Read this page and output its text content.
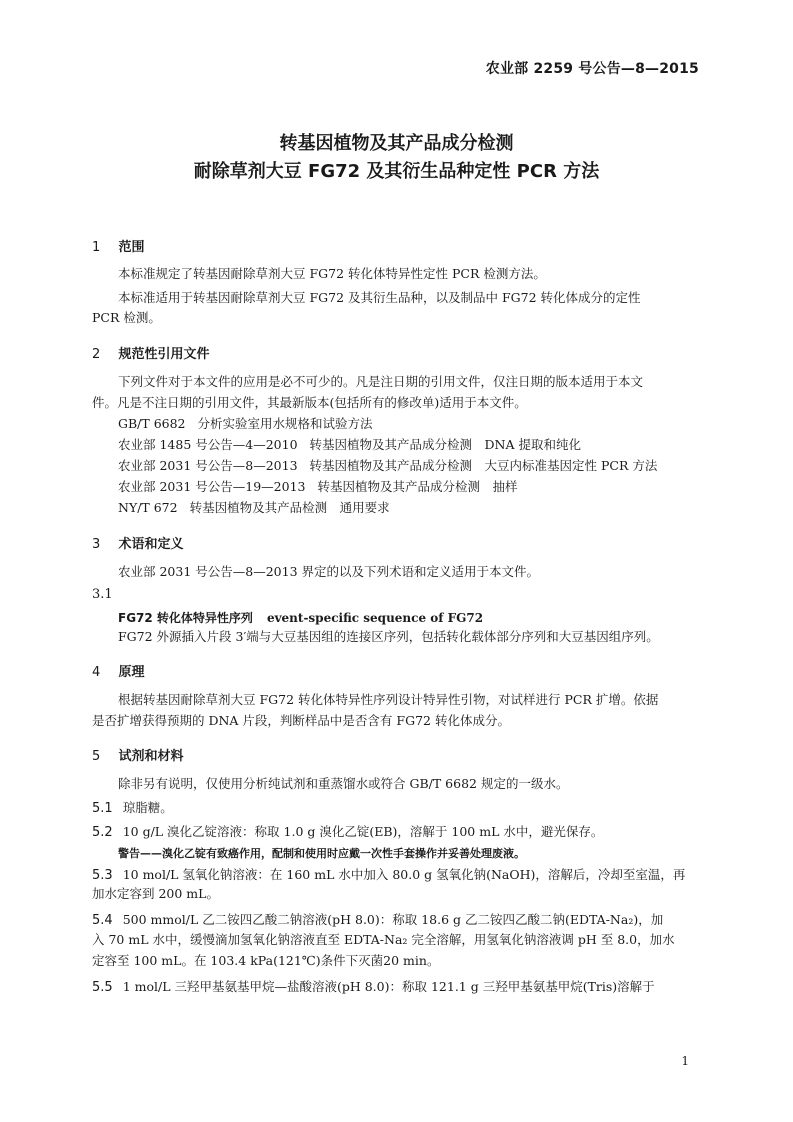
农业部 2259 号公告—8—2015
转基因植物及其产品成分检测
耐除草剂大豆 FG72 及其衍生品种定性 PCR 方法
1 范围
本标准规定了转基因耐除草剂大豆 FG72 转化体特异性定性 PCR 检测方法。
本标准适用于转基因耐除草剂大豆 FG72 及其衍生品种，以及制品中 FG72 转化体成分的定性
PCR 检测。
2 规范性引用文件
下列文件对于本文件的应用是必不可少的。凡是注日期的引用文件，仅注日期的版本适用于本文
件。凡是不注日期的引用文件，其最新版本(包括所有的修改单)适用于本文件。
GB/T 6682 分析实验室用水规格和试验方法
农业部 1485 号公告—4—2010 转基因植物及其产品成分检测　DNA 提取和纯化
农业部 2031 号公告—8—2013 转基因植物及其产品成分检测　大豆内标准基因定性 PCR 方法
农业部 2031 号公告—19—2013 转基因植物及其产品成分检测　抽样
NY/T 672 转基因植物及其产品检测　通用要求
3 术语和定义
农业部 2031 号公告—8—2013 界定的以及下列术语和定义适用于本文件。
3.1
FG72 转化体特异性序列 event-specific sequence of FG72
FG72 外源插入片段 3′端与大豆基因组的连接区序列，包括转化载体部分序列和大豆基因组序列。
4 原理
根据转基因耐除草剂大豆 FG72 转化体特异性序列设计特异性引物，对试样进行 PCR 扩增。依据
是否扩增获得预期的 DNA 片段，判断样品中是否含有 FG72 转化体成分。
5 试剂和材料
除非另有说明，仅使用分析纯试剂和重蒸馏水或符合 GB/T 6682 规定的一级水。
5.1 琼脂糖。
5.2 10 g/L 溴化乙锭溶液：称取 1.0 g 溴化乙锭(EB)，溶解于 100 mL 水中，避光保存。
警告——溴化乙锭有致癌作用，配制和使用时应戴一次性手套操作并妥善处理废液。
5.3 10 mol/L 氢氧化钠溶液：在 160 mL 水中加入 80.0 g 氢氧化钠(NaOH)，溶解后，冷却至室温，再
加水定容到 200 mL。
5.4 500 mmol/L 乙二铵四乙酸二钠溶液(pH 8.0)：称取 18.6 g 乙二铵四乙酸二钠(EDTA-Na₂)，加
入 70 mL 水中，缓慢滴加氢氧化钠溶液直至 EDTA-Na₂ 完全溶解，用氢氧化钠溶液调 pH 至 8.0，加水
定容至 100 mL。在 103.4 kPa(121℃)条件下灭菌20 min。
5.5 1 mol/L 三羟甲基氨基甲烷—盐酸溶液(pH 8.0)：称取 121.1 g 三羟甲基氨基甲烷(Tris)溶解于
1
